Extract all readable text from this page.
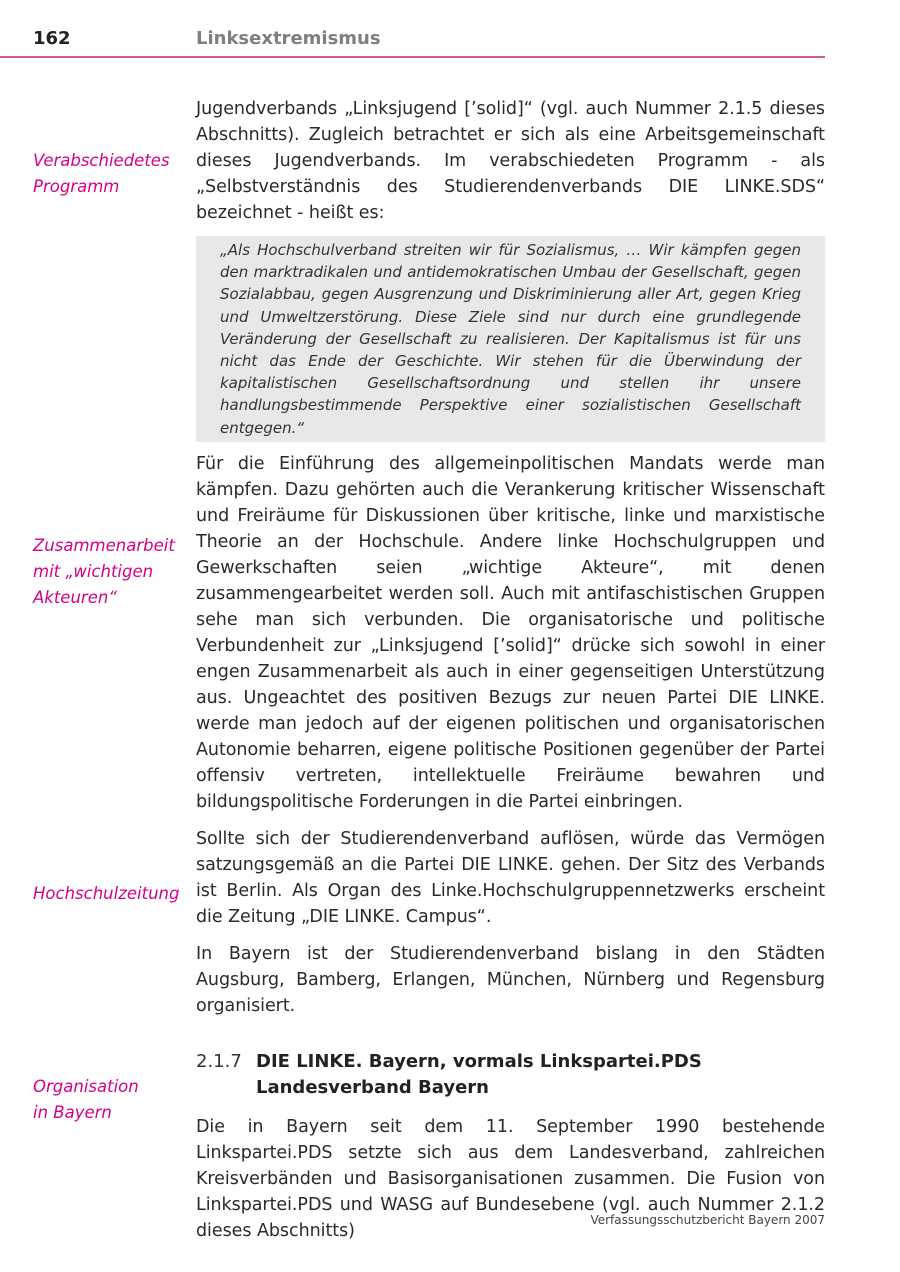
162	Linksextremismus
Verabschiedetes
Programm
Zusammenarbeit
mit „wichtigen
Akteuren“
Hochschulzeitung
Organisation
in Bayern

Jugendverbands „Linksjugend [’solid]“ (vgl. auch Nummer 2.1.5 dieses Abschnitts). Zugleich betrachtet er sich als eine Arbeitsgemeinschaft dieses Jugendverbands. Im verabschiedeten Programm - als „Selbstverständnis des Studierendenverbands DIE LINKE.SDS“ bezeichnet - heißt es:

„Als Hochschulverband streiten wir für Sozialismus, … Wir kämpfen gegen den marktradikalen und antidemokratischen Umbau der Gesellschaft, gegen Sozialabbau, gegen Ausgrenzung und Diskriminierung aller Art, gegen Krieg und Umweltzerstörung. Diese Ziele sind nur durch eine grundlegende Veränderung der Gesellschaft zu realisieren. Der Kapitalismus ist für uns nicht das Ende der Geschichte. Wir stehen für die Überwindung der kapitalistischen Gesellschaftsordnung und stellen ihr unsere handlungsbestimmende Perspektive einer sozialistischen Gesellschaft entgegen.“

Für die Einführung des allgemeinpolitischen Mandats werde man kämpfen. Dazu gehörten auch die Verankerung kritischer Wissenschaft und Freiräume für Diskussionen über kritische, linke und marxistische Theorie an der Hochschule. Andere linke Hochschulgruppen und Gewerkschaften seien „wichtige Akteure“, mit denen zusammengearbeitet werden soll. Auch mit antifaschistischen Gruppen sehe man sich verbunden. Die organisatorische und politische Verbundenheit zur „Linksjugend [’solid]“ drücke sich sowohl in einer engen Zusammenarbeit als auch in einer gegenseitigen Unterstützung aus. Ungeachtet des positiven Bezugs zur neuen Partei DIE LINKE. werde man jedoch auf der eigenen politischen und organisatorischen Autonomie beharren, eigene politische Positionen gegenüber der Partei offensiv vertreten, intellektuelle Freiräume bewahren und bildungspolitische Forderungen in die Partei einbringen.

Sollte sich der Studierendenverband auflösen, würde das Vermögen satzungsgemäß an die Partei DIE LINKE. gehen. Der Sitz des Verbands ist Berlin. Als Organ des Linke.Hochschulgruppennetzwerks erscheint die Zeitung „DIE LINKE. Campus“.

In Bayern ist der Studierendenverband bislang in den Städten Augsburg, Bamberg, Erlangen, München, Nürnberg und Regensburg organisiert.

2.1.7 DIE LINKE. Bayern, vormals Linkspartei.PDS
Landesverband Bayern

Die in Bayern seit dem 11. September 1990 bestehende Linkspartei.PDS setzte sich aus dem Landesverband, zahlreichen Kreisverbänden und Basisorganisationen zusammen. Die Fusion von Linkspartei.PDS und WASG auf Bundesebene (vgl. auch Nummer 2.1.2 dieses Abschnitts)

Verfassungsschutzbericht Bayern 2007
